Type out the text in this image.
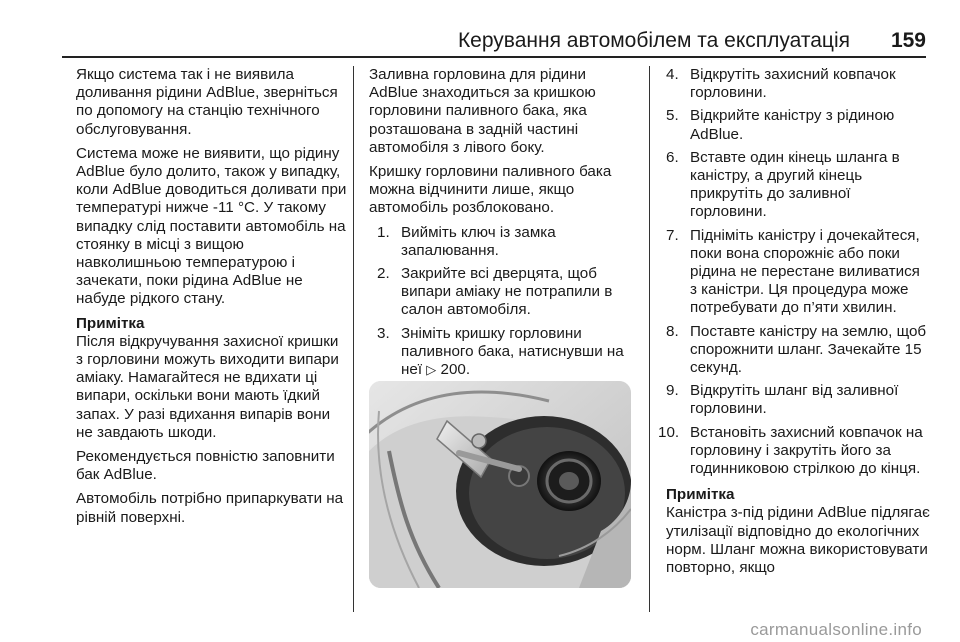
Керування автомобілем та експлуатація 159

Якщо система так і не виявила доливання рідини AdBlue, зверніться по допомогу на станцію технічного обслуговування.

Система може не виявити, що рідину AdBlue було долито, також у випадку, коли AdBlue доводиться доливати при температурі нижче -11 °C. У такому випадку слід поставити автомобіль на стоянку в місці з вищою навколишньою температурою і зачекати, поки рідина AdBlue не набуде рідкого стану.

Примітка
Після відкручування захисної кришки з горловини можуть виходити випари аміаку. Намагайтеся не вдихати ці випари, оскільки вони мають їдкий запах. У разі вдихання випарів вони не завдають шкоди.

Рекомендується повністю заповнити бак AdBlue.

Автомобіль потрібно припаркувати на рівній поверхні.

Заливна горловина для рідини AdBlue знаходиться за кришкою горловини паливного бака, яка розташована в задній частині автомобіля з лівого боку.

Кришку горловини паливного бака можна відчинити лише, якщо автомобіль розблоковано.

1. Вийміть ключ із замка запалювання.
2. Закрийте всі дверцята, щоб випари аміаку не потрапили в салон автомобіля.
3. Зніміть кришку горловини паливного бака, натиснувши на неї ▷ 200.
4. Відкрутіть захисний ковпачок горловини.
5. Відкрийте каністру з рідиною AdBlue.
6. Вставте один кінець шланга в каністру, а другий кінець прикрутіть до заливної горловини.
7. Підніміть каністру і дочекайтеся, поки вона спорожніє або поки рідина не перестане виливатися з каністри. Ця процедура може потребувати до п’яти хвилин.
8. Поставте каністру на землю, щоб спорожнити шланг. Зачекайте 15 секунд.
9. Відкрутіть шланг від заливної горловини.
10. Встановіть захисний ковпачок на горловину і закрутіть його за годинниковою стрілкою до кінця.
Примітка
Каністра з-під рідини AdBlue підлягає утилізації відповідно до екологічних норм. Шланг можна використовувати повторно, якщо
carmanualsonline.info
